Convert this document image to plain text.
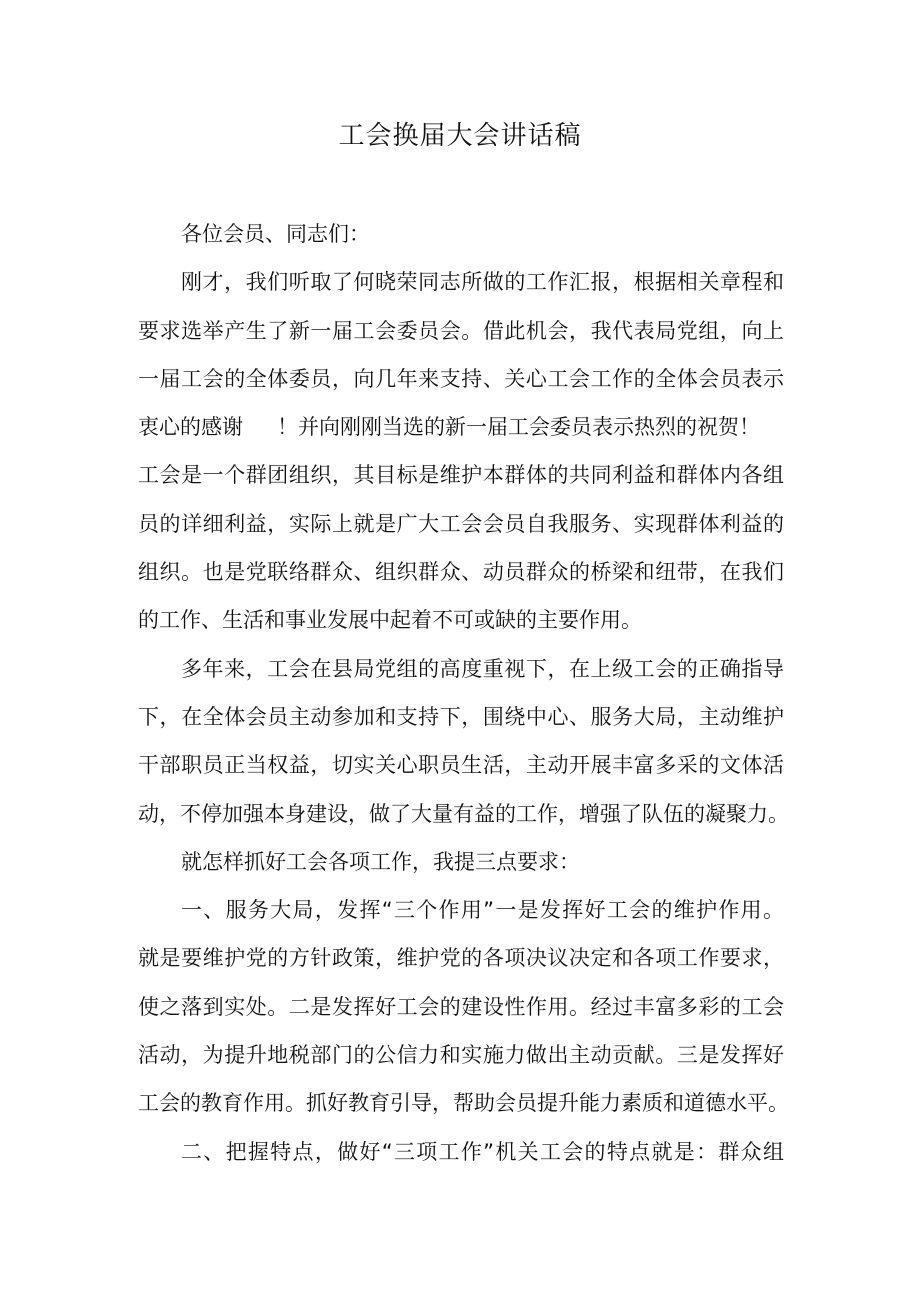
工会换届大会讲话稿
各位会员、同志们：
刚才，我们听取了何晓荣同志所做的工作汇报，根据相关章程和
要求选举产生了新一届工会委员会。借此机会，我代表局党组，向上
一届工会的全体委员，向几年来支持、关心工会工作的全体会员表示
衷心的感谢 ！并向刚刚当选的新一届工会委员表示热烈的祝贺！
工会是一个群团组织，其目标是维护本群体的共同利益和群体内各组
员的详细利益，实际上就是广大工会会员自我服务、实现群体利益的
组织。也是党联络群众、组织群众、动员群众的桥梁和纽带，在我们
的工作、生活和事业发展中起着不可或缺的主要作用。
多年来，工会在县局党组的高度重视下，在上级工会的正确指导
下，在全体会员主动参加和支持下，围绕中心、服务大局，主动维护
干部职员正当权益，切实关心职员生活，主动开展丰富多采的文体活
动，不停加强本身建设，做了大量有益的工作，增强了队伍的凝聚力。
就怎样抓好工会各项工作，我提三点要求：
一、服务大局，发挥“三个作用”一是发挥好工会的维护作用。
就是要维护党的方针政策，维护党的各项决议决定和各项工作要求，
使之落到实处。二是发挥好工会的建设性作用。经过丰富多彩的工会
活动，为提升地税部门的公信力和实施力做出主动贡献。三是发挥好
工会的教育作用。抓好教育引导，帮助会员提升能力素质和道德水平。
二、把握特点，做好“三项工作”机关工会的特点就是：群众组
